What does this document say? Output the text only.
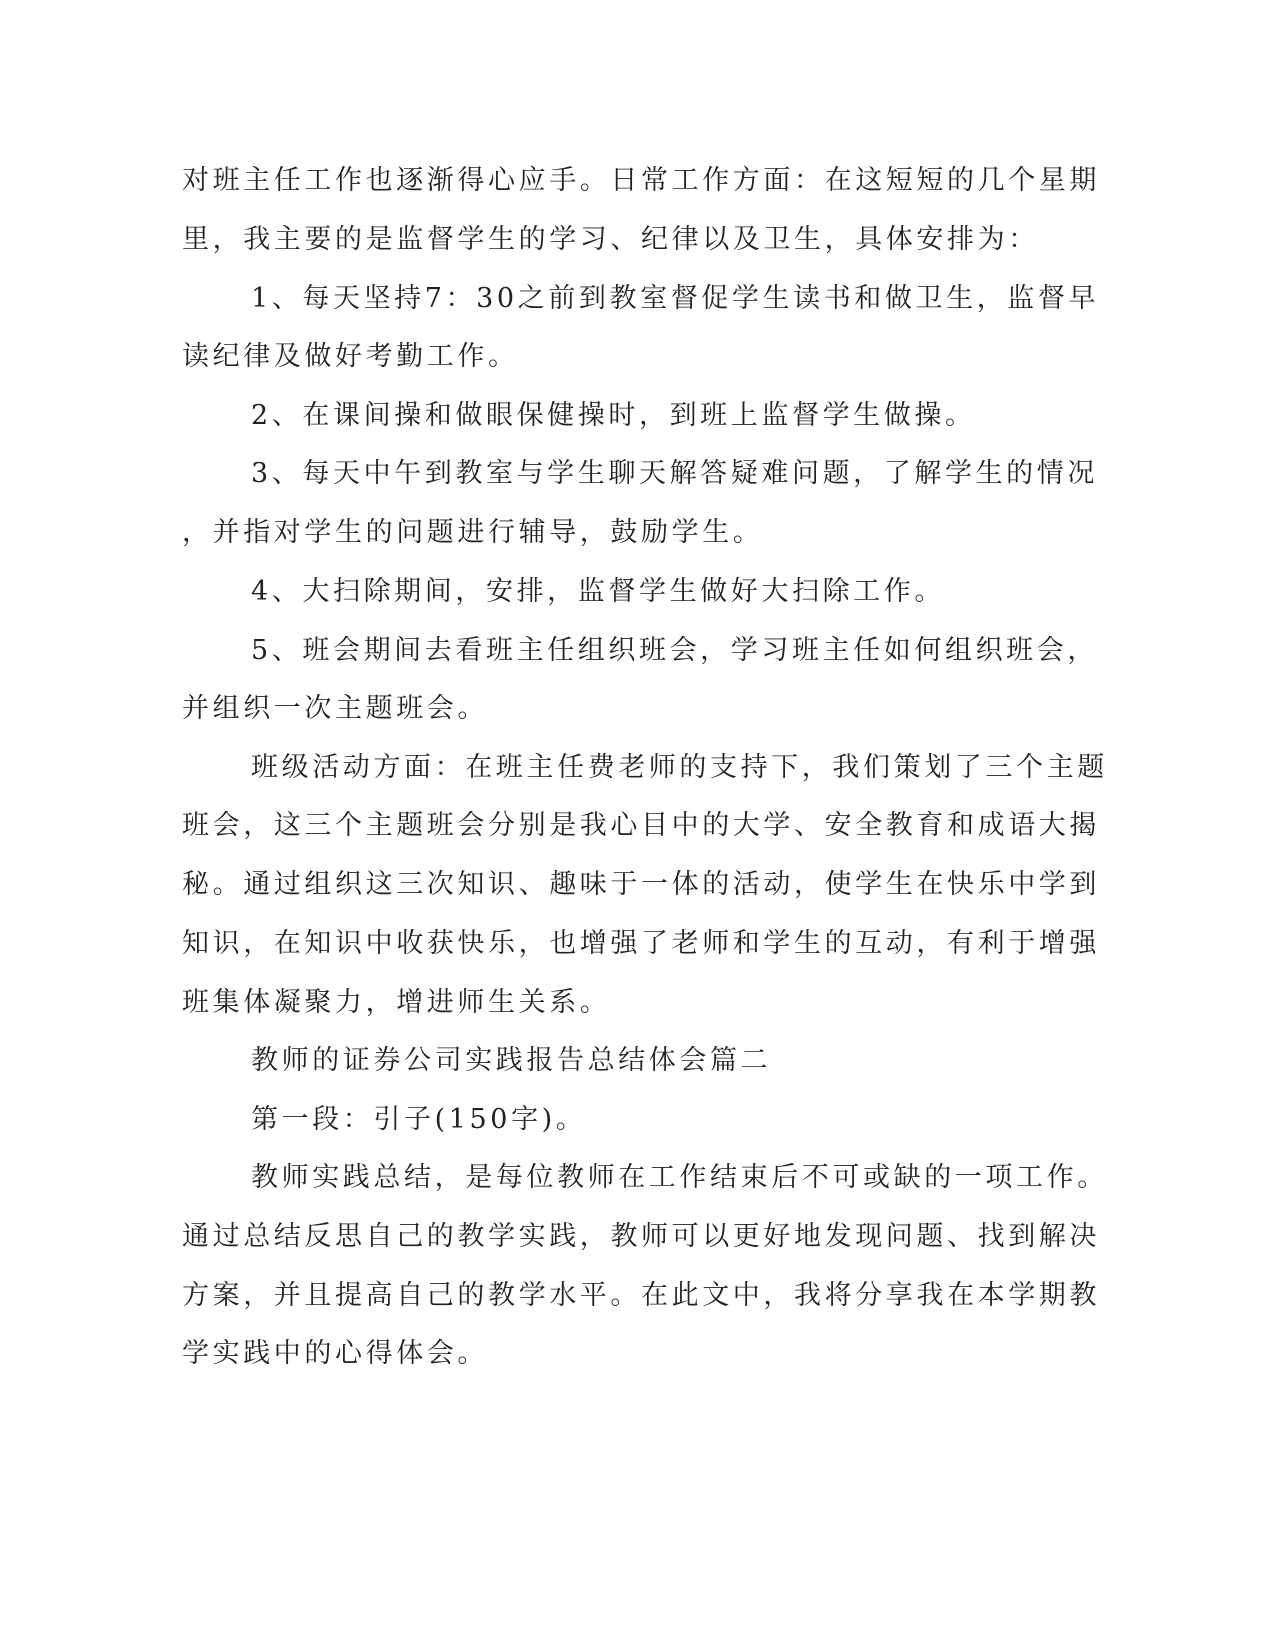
对班主任工作也逐渐得心应手。日常工作方面：在这短短的几个星期
里，我主要的是监督学生的学习、纪律以及卫生，具体安排为：
1、每天坚持7：30之前到教室督促学生读书和做卫生，监督早
读纪律及做好考勤工作。
2、在课间操和做眼保健操时，到班上监督学生做操。
3、每天中午到教室与学生聊天解答疑难问题，了解学生的情况
，并指对学生的问题进行辅导，鼓励学生。
4、大扫除期间，安排，监督学生做好大扫除工作。
5、班会期间去看班主任组织班会，学习班主任如何组织班会，
并组织一次主题班会。
班级活动方面：在班主任费老师的支持下，我们策划了三个主题
班会，这三个主题班会分别是我心目中的大学、安全教育和成语大揭
秘。通过组织这三次知识、趣味于一体的活动，使学生在快乐中学到
知识，在知识中收获快乐，也增强了老师和学生的互动，有利于增强
班集体凝聚力，增进师生关系。
教师的证券公司实践报告总结体会篇二
第一段：引子(150字)。
教师实践总结，是每位教师在工作结束后不可或缺的一项工作。
通过总结反思自己的教学实践，教师可以更好地发现问题、找到解决
方案，并且提高自己的教学水平。在此文中，我将分享我在本学期教
学实践中的心得体会。
